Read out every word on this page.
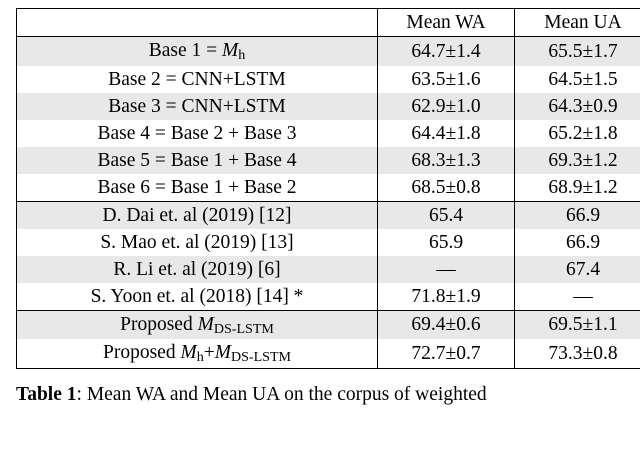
	Mean WA	Mean UA
Base $1 = M_h$	64.7±1.4	65.5±1.7
Base 2 = CNN+LSTM	63.5±1.6	64.5±1.5
Base 3 = CNN+LSTM	62.9±1.0	64.3±0.9
Base 4 = Base 2 + Base 3	64.4±1.8	65.2±1.8
Base 5 = Base 1 + Base 4	68.3±1.3	69.3±1.2
Base 6 = Base 1 + Base 2	68.5±0.8	68.9±1.2
D. Dai et. al (2019) [12]	65.4	66.9
S. Mao et. al (2019) [13]	65.9	66.9
R. Li et. al (2019) [6]	—	67.4
S. Yoon et. al (2018) [14] *	71.8±1.9	—
Proposed $M_{DS-LSTM}$	69.4±0.6	69.5±1.1
Proposed $M_h+M_{DS-LSTM}$	72.7±0.7	73.3±0.8
Table 1: Mean WA and Mean UA on the corpus of weighted
